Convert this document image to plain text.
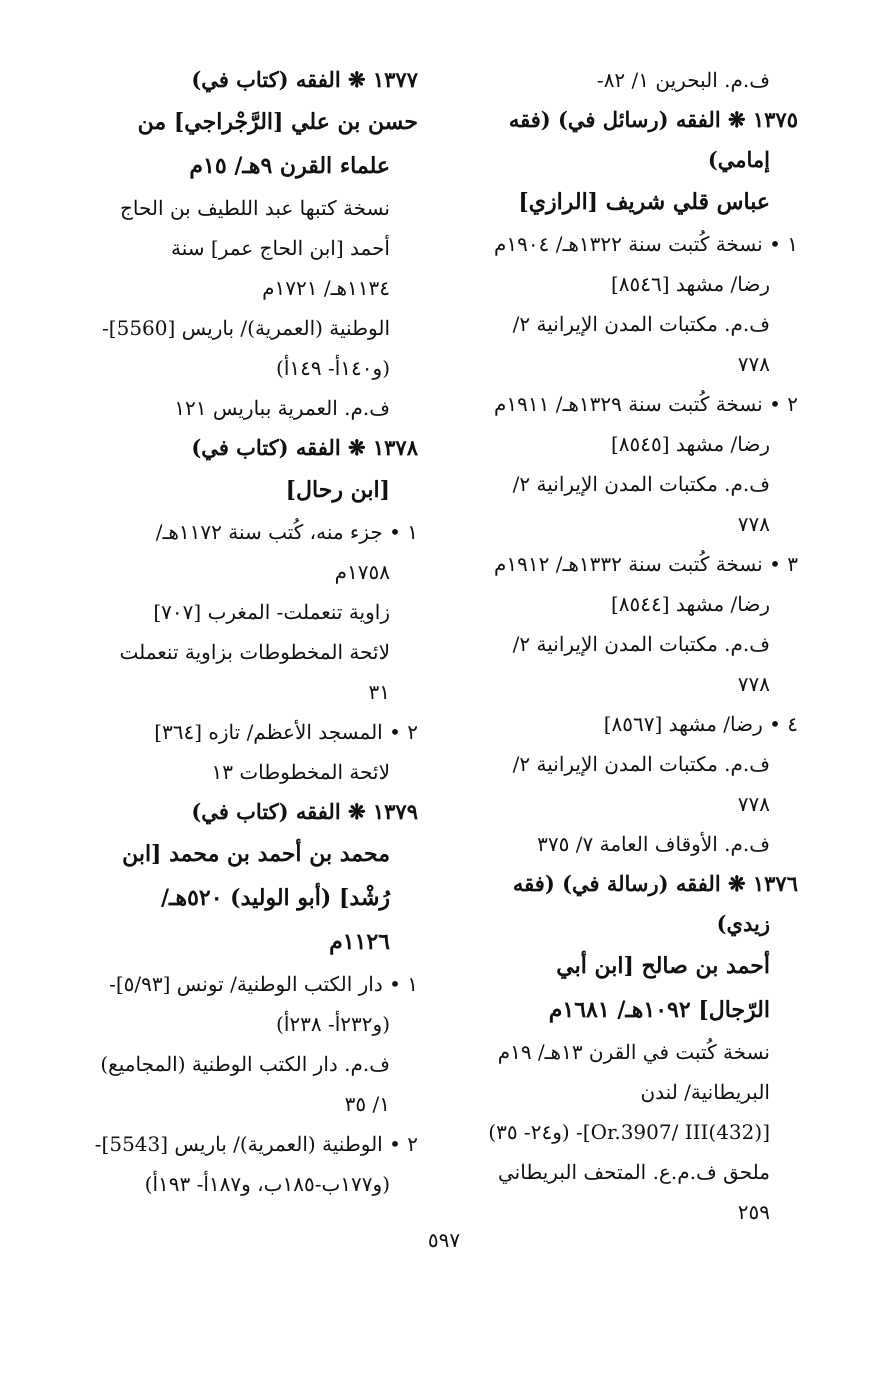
ف.م. البحرين ١/ ٨٢-
١٣٧٥ ❋ الفقه (رسائل في) (فقه
إمامي)
عباس قلي شريف [الرازي]
١ • نسخة كُتبت سنة ١٣٢٢هـ/ ١٩٠٤م
رضا/ مشهد [٨٥٤٦]
ف.م. مكتبات المدن الإيرانية ٢/
٧٧٨
٢ • نسخة كُتبت سنة ١٣٢٩هـ/ ١٩١١م
رضا/ مشهد [٨٥٤٥]
ف.م. مكتبات المدن الإيرانية ٢/
٧٧٨
٣ • نسخة كُتبت سنة ١٣٣٢هـ/ ١٩١٢م
رضا/ مشهد [٨٥٤٤]
ف.م. مكتبات المدن الإيرانية ٢/
٧٧٨
٤ • رضا/ مشهد [٨٥٦٧]
ف.م. مكتبات المدن الإيرانية ٢/
٧٧٨
ف.م. الأوقاف العامة ٧/ ٣٧٥
١٣٧٦ ❋ الفقه (رسالة في) (فقه
زيدي)
أحمد بن صالح [ابن أبي
الرّجال] ١٠٩٢هـ/ ١٦٨١م
نسخة كُتبت في القرن ١٣هـ/ ١٩م
البريطانية/ لندن
[(432)Or.3907/ III]- (و٢٤- ٣٥)
ملحق ف.م.ع. المتحف البريطاني
٢٥٩
١٣٧٧ ❋ الفقه (كتاب في)
حسن بن علي [الرَّجْراجي] من
علماء القرن ٩هـ/ ١٥م
نسخة كتبها عبد اللطيف بن الحاج
أحمد [ابن الحاج عمر] سنة
١١٣٤هـ/ ١٧٢١م
الوطنية (العمرية)/ باريس [5560]-
(و١٤٠أ- ١٤٩أ)
ف.م. العمرية بباريس ١٢١
١٣٧٨ ❋ الفقه (كتاب في)
[ابن رحال]
١ • جزء منه، كُتب سنة ١١٧٢هـ/
١٧٥٨م
زاوية تنعملت- المغرب [٧٠٧]
لائحة المخطوطات بزاوية تنعملت
٣١
٢ • المسجد الأعظم/ تازه [٣٦٤]
لائحة المخطوطات ١٣
١٣٧٩ ❋ الفقه (كتاب في)
محمد بن أحمد بن محمد [ابن
رُشْد] (أبو الوليد) ٥٢٠هـ/
١١٢٦م
١ • دار الكتب الوطنية/ تونس [٥/٩٣]-
(و٢٣٢أ- ٢٣٨أ)
ف.م. دار الكتب الوطنية (المجاميع)
١/ ٣٥
٢ • الوطنية (العمرية)/ باريس [5543]-
(و١٧٧ب-١٨٥ب، و١٨٧أ- ١٩٣أ)
٥٩٧
